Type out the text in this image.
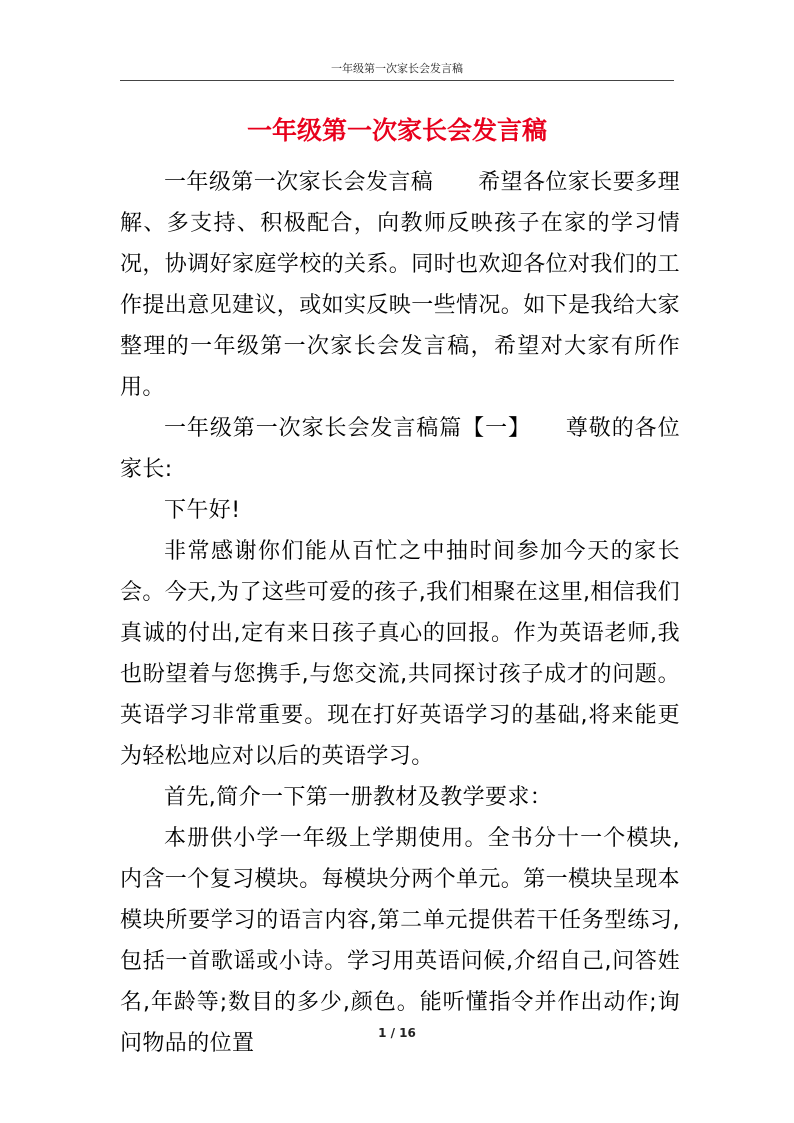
一年级第一次家长会发言稿
一年级第一次家长会发言稿

一年级第一次家长会发言稿　　希望各位家长要多理解、多支持、积极配合，向教师反映孩子在家的学习情况，协调好家庭学校的关系。同时也欢迎各位对我们的工作提出意见建议，或如实反映一些情况。如下是我给大家整理的一年级第一次家长会发言稿，希望对大家有所作用。

一年级第一次家长会发言稿篇【一】　　尊敬的各位家长:

下午好!

非常感谢你们能从百忙之中抽时间参加今天的家长会。今天,为了这些可爱的孩子,我们相聚在这里,相信我们真诚的付出,定有来日孩子真心的回报。作为英语老师,我也盼望着与您携手,与您交流,共同探讨孩子成才的问题。英语学习非常重要。现在打好英语学习的基础,将来能更为轻松地应对以后的英语学习。

首先,简介一下第一册教材及教学要求：

本册供小学一年级上学期使用。全书分十一个模块, 内含一个复习模块。每模块分两个单元。第一模块呈现本模块所要学习的语言内容,第二单元提供若干任务型练习,包括一首歌谣或小诗。学习用英语问候,介绍自己,问答姓名,年龄等;数目的多少,颜色。能听懂指令并作出动作;询问物品的位置	1 / 16
